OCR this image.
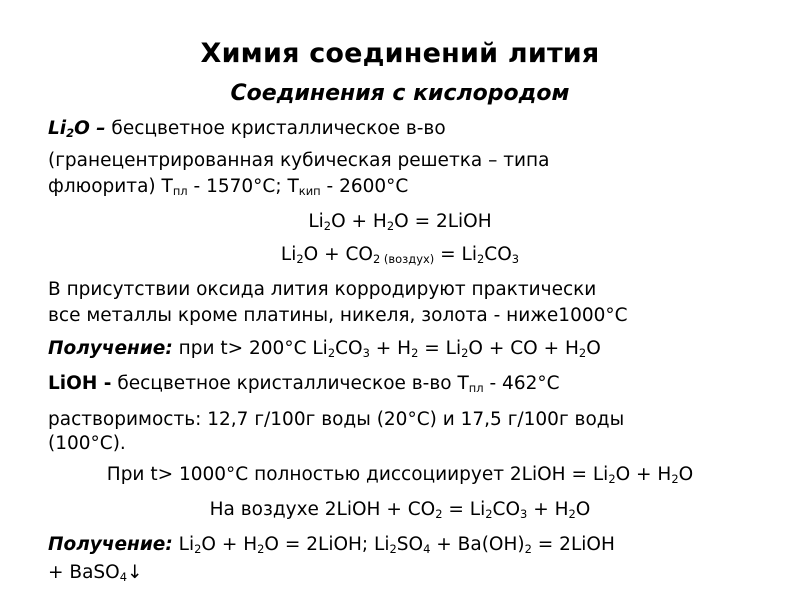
Химия соединений лития
Соединения с кислородом
$Li_2O$ – бесцветное кристаллическое в-во
(гранецентрированная кубическая решетка – типа
флюорита) $Т_{пл} - 1570^\circ С$; $Т_{кип} - 2600^\circ С$
$Li_2O + H_2O$ = 2LiOH
$Li_2O + CO_{2 (воздух)} = Li_2CO_3$
В присутствии оксида лития корродируют практически
все металлы кроме платины, никеля, золота - ниже1000°С
Получение: при t> 200°С $Li_2CO_3 + H_2 = Li_2O$ + CO + $H_2O$
LiOH - бесцветное кристаллическое в-во $Т_{пл} - 462^\circ С$
растворимость: 12,7 г/100г воды (20°С) и 17,5 г/100г воды
(100°С).
При t> 1000°С полностью диссоциирует 2LiOH = $Li_2O + H_2O$
На воздухе 2LiOH + $CO_2 = Li_2CO_3 + H_2O$
Получение: $Li_2O + H_2O$ = 2LiOH; $Li_2SO_4 + Ba(OH)_2$ = 2LiOH
+ BaSO$_4$↓
